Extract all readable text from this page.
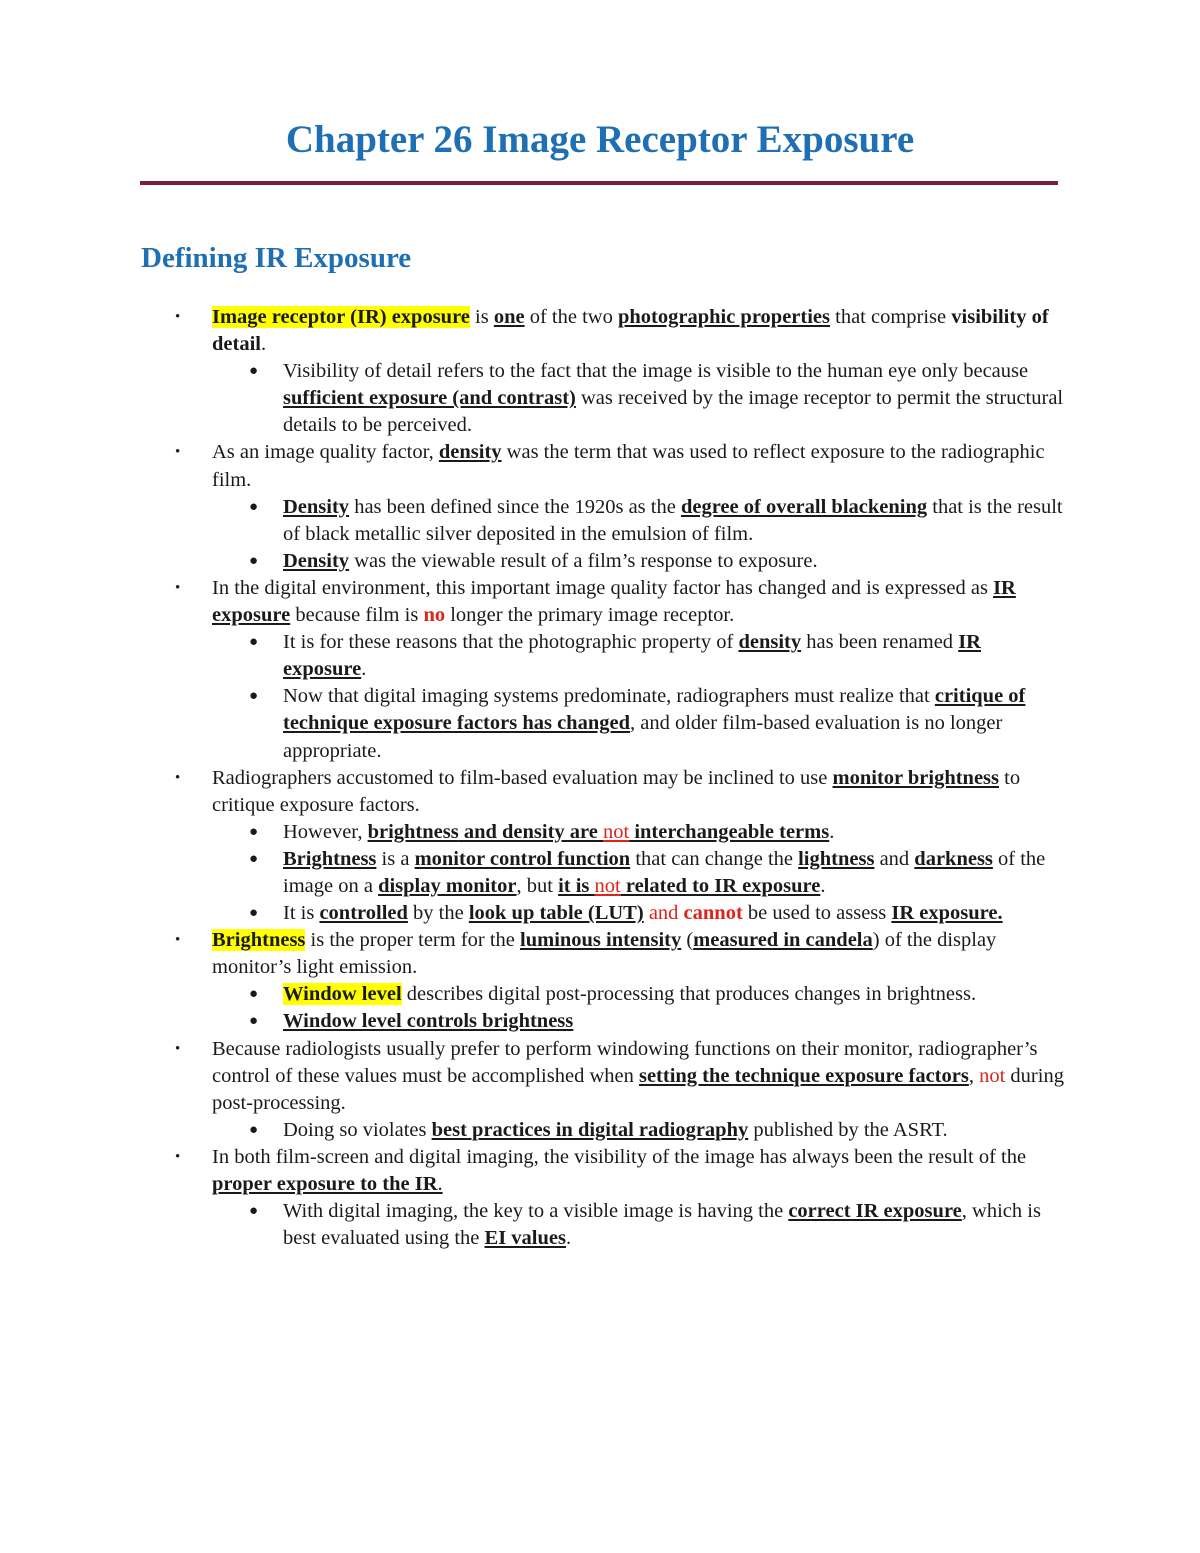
Chapter 26 Image Receptor Exposure
Defining IR Exposure
• Image receptor (IR) exposure is one of the two photographic properties that comprise visibility of detail.
● Visibility of detail refers to the fact that the image is visible to the human eye only because sufficient exposure (and contrast) was received by the image receptor to permit the structural details to be perceived.
• As an image quality factor, density was the term that was used to reflect exposure to the radiographic film.
● Density has been defined since the 1920s as the degree of overall blackening that is the result of black metallic silver deposited in the emulsion of film.
● Density was the viewable result of a film’s response to exposure.
• In the digital environment, this important image quality factor has changed and is expressed as IR exposure because film is no longer the primary image receptor.
● It is for these reasons that the photographic property of density has been renamed IR exposure.
● Now that digital imaging systems predominate, radiographers must realize that critique of technique exposure factors has changed, and older film-based evaluation is no longer appropriate.
• Radiographers accustomed to film-based evaluation may be inclined to use monitor brightness to critique exposure factors.
● However, brightness and density are not interchangeable terms.
● Brightness is a monitor control function that can change the lightness and darkness of the image on a display monitor, but it is not related to IR exposure.
● It is controlled by the look up table (LUT) and cannot be used to assess IR exposure.
• Brightness is the proper term for the luminous intensity (measured in candela) of the display monitor’s light emission.
● Window level describes digital post-processing that produces changes in brightness.
● Window level controls brightness
• Because radiologists usually prefer to perform windowing functions on their monitor, radiographer’s control of these values must be accomplished when setting the technique exposure factors, not during post-processing.
● Doing so violates best practices in digital radiography published by the ASRT.
• In both film-screen and digital imaging, the visibility of the image has always been the result of the proper exposure to the IR.
● With digital imaging, the key to a visible image is having the correct IR exposure, which is best evaluated using the EI values.
